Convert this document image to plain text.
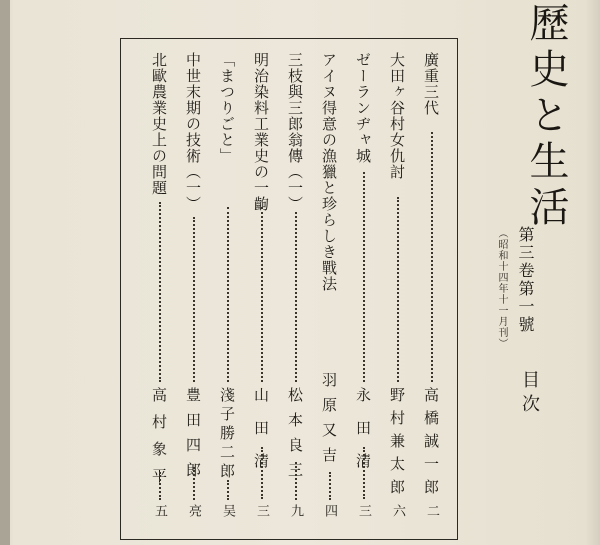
廣重三代
高橋誠一郎
二
大田ヶ谷村女仇討
野村兼太郎
六
ゼーランヂャ城
永田清
三
アイヌ得意の漁獵と珍らしき戰法
羽原又吉
四
三枝與三郎翁傳（一）
松本良三
九
明治染料工業史の一齣
山田清
三
「まつりごと」
淺子勝二郎
吴
中世末期の技術（一）
豊田四郎
亮
北歐農業史上の問題
高村象平
五
歷史と生活
第三卷第一號
（昭和十四年十一月刊）
目次
